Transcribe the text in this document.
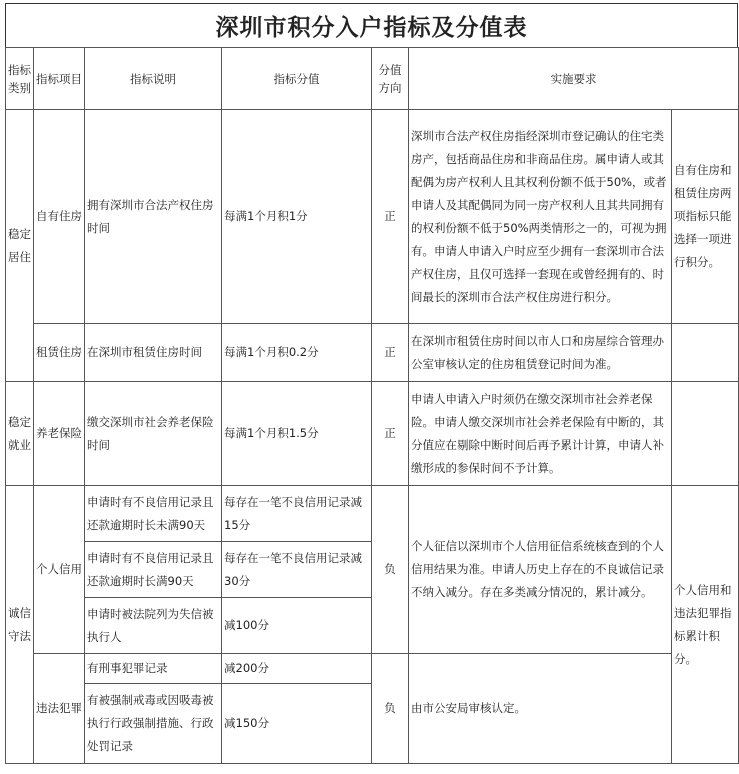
深圳市积分入户指标及分值表
指标类别	指标项目	指标说明	指标分值	分值方向	实施要求	
稳定居住	自有住房	拥有深圳市合法产权住房时间	每满1个月积1分	正	深圳市合法产权住房指经深圳市登记确认的住宅类房产，包括商品住房和非商品住房。属申请人或其配偶为房产权利人且其权利份额不低于50%，或者申请人及其配偶同为同一房产权利人且其共同拥有的权利份额不低于50%两类情形之一的，可视为拥有。申请人申请入户时应至少拥有一套深圳市合法产权住房，且仅可选择一套现在或曾经拥有的、时间最长的深圳市合法产权住房进行积分。	自有住房和租赁住房两项指标只能选择一项进行积分。
	租赁住房	在深圳市租赁住房时间	每满1个月积0.2分	正	在深圳市租赁住房时间以市人口和房屋综合管理办公室审核认定的住房租赁登记时间为准。	
稳定就业	养老保险	缴交深圳市社会养老保险时间	每满1个月积1.5分	正	申请人申请入户时须仍在缴交深圳市社会养老保险。申请人缴交深圳市社会养老保险有中断的，其分值应在剔除中断时间后再予累计计算，申请人补缴形成的参保时间不予计算。	
诚信守法	个人信用	申请时有不良信用记录且还款逾期时长未满90天	每存在一笔不良信用记录减15分	负	个人征信以深圳市个人信用征信系统核查到的个人信用结果为准。申请人历史上存在的不良诚信记录不纳入减分。存在多类减分情况的，累计减分。	个人信用和违法犯罪指标累计积分。
		申请时有不良信用记录且还款逾期时长满90天	每存在一笔不良信用记录减30分			
		申请时被法院列为失信被执行人	减100分			
	违法犯罪	有刑事犯罪记录	减200分	负	由市公安局审核认定。	
		有被强制戒毒或因吸毒被执行行政强制措施、行政处罚记录	减150分			
